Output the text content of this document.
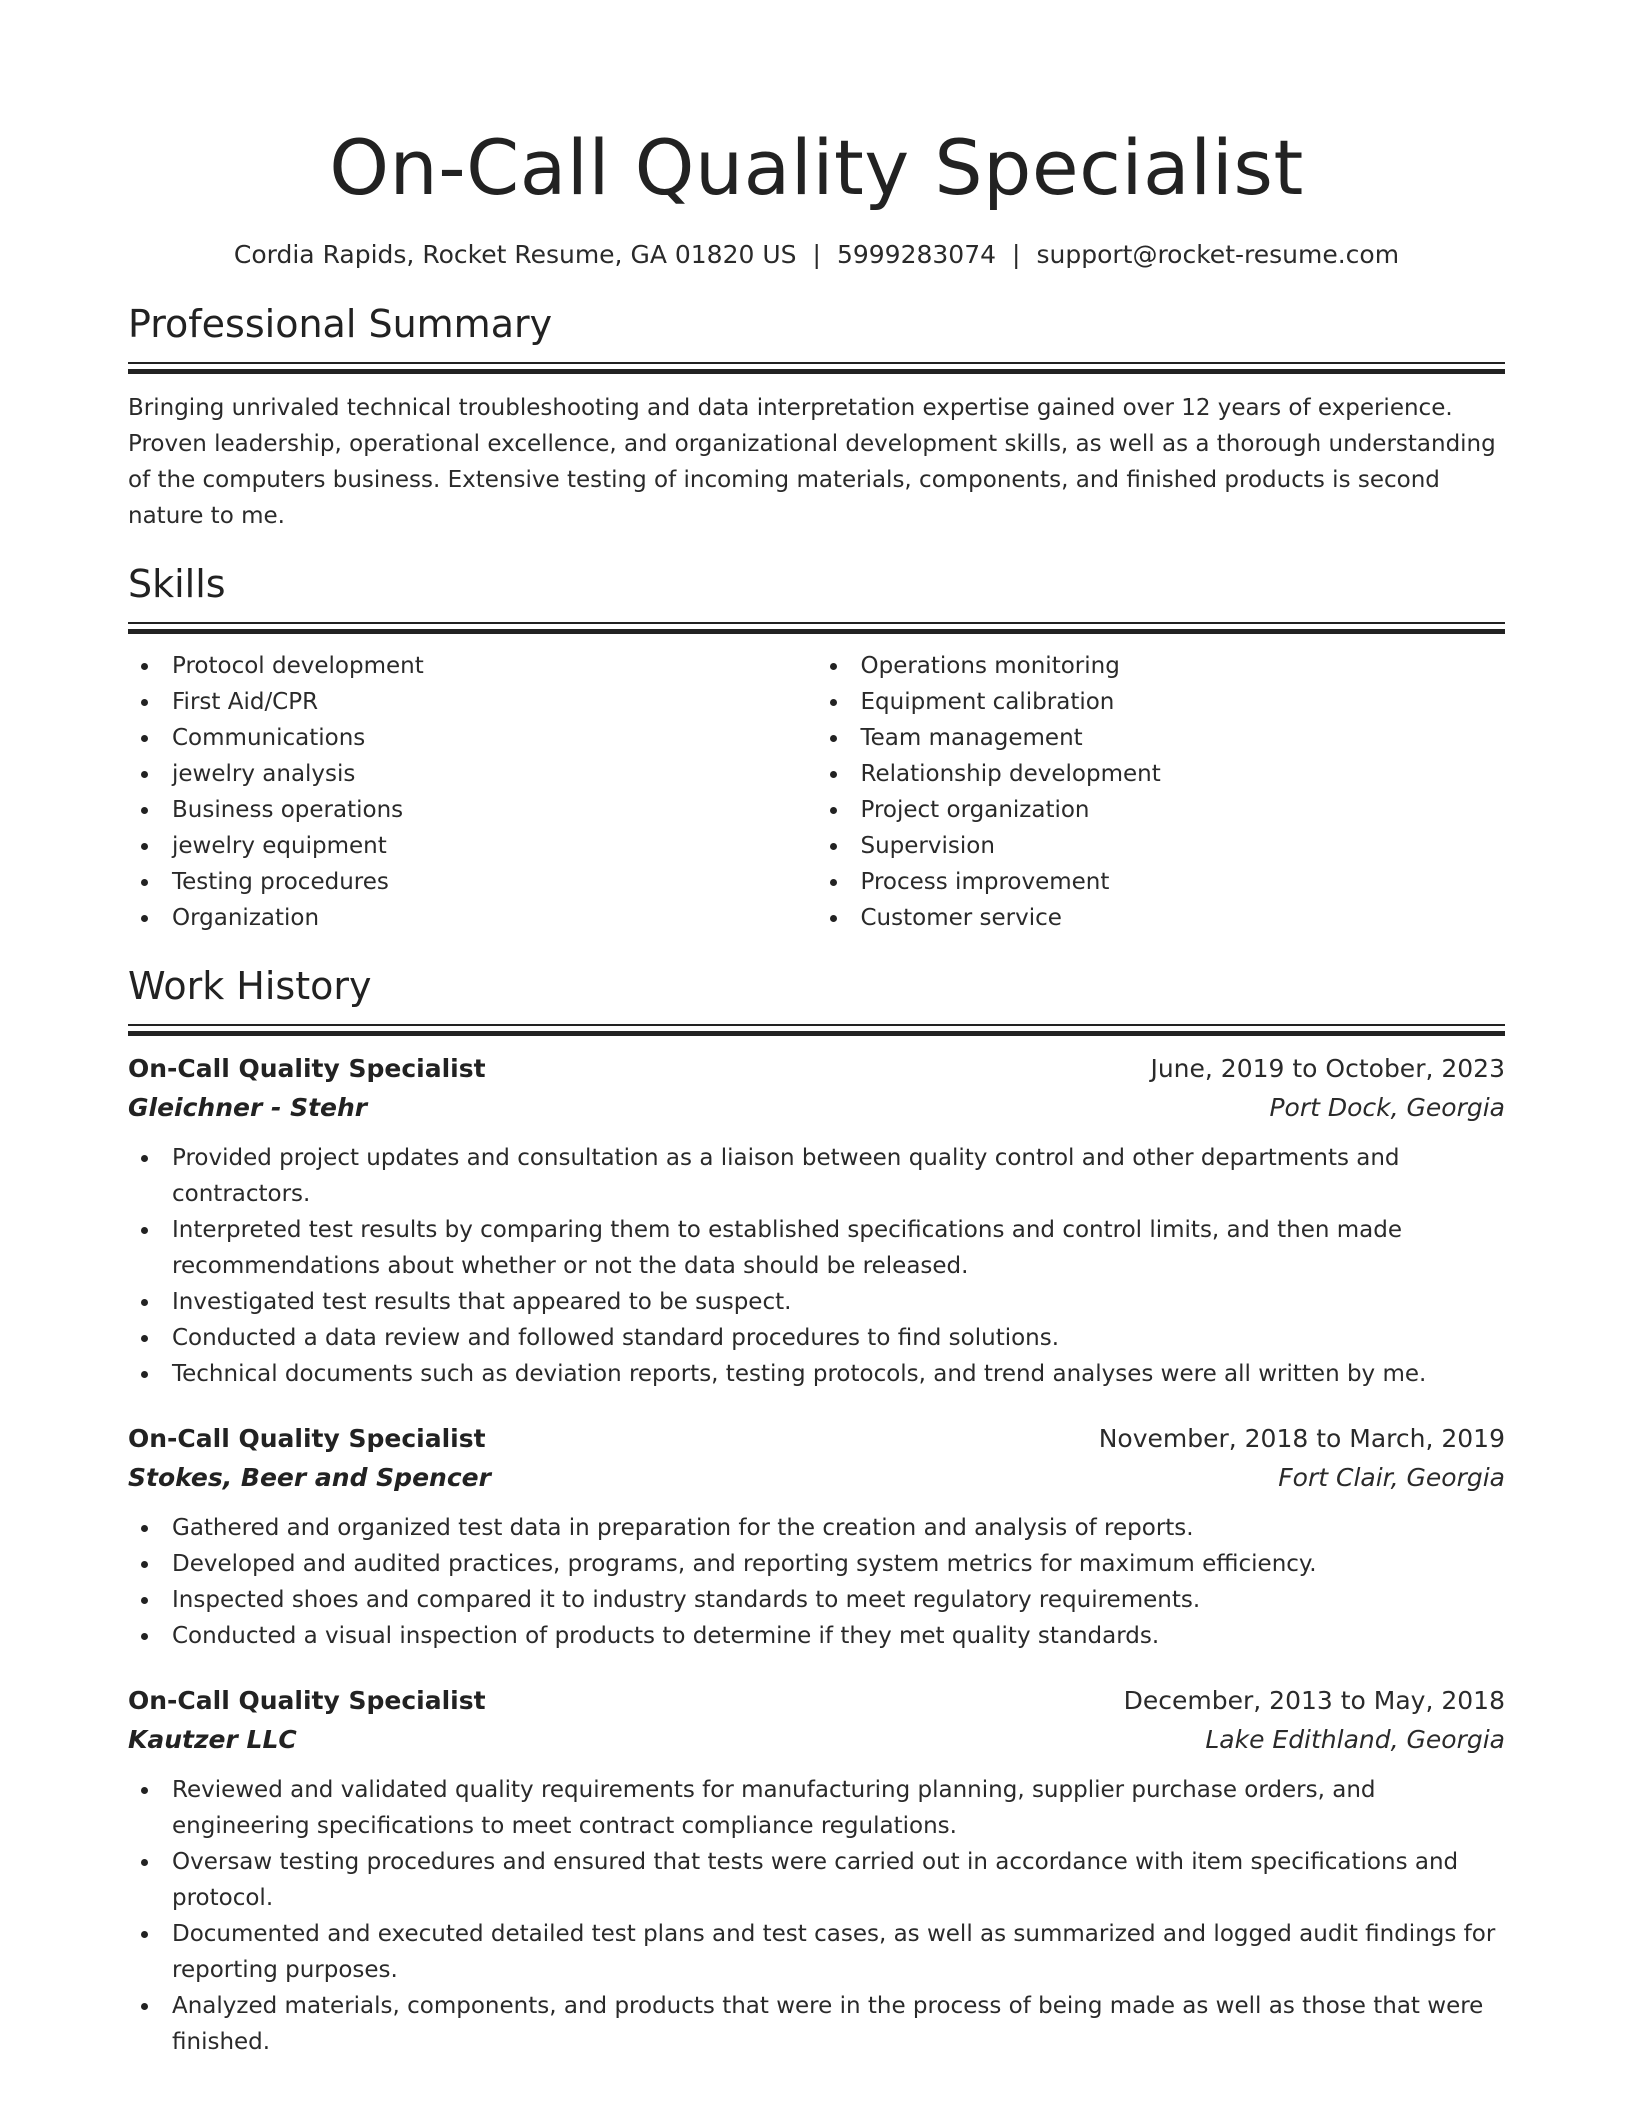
On-Call Quality Specialist
Cordia Rapids, Rocket Resume, GA 01820 US | 5999283074 | support@rocket-resume.com
Professional Summary

Bringing unrivaled technical troubleshooting and data interpretation expertise gained over 12 years of experience. Proven leadership, operational excellence, and organizational development skills, as well as a thorough understanding of the computers business. Extensive testing of incoming materials, components, and finished products is second nature to me.

Skills
Protocol development
First Aid/CPR
Communications
jewelry analysis
Business operations
jewelry equipment
Testing procedures
Organization
Operations monitoring
Equipment calibration
Team management
Relationship development
Project organization
Supervision
Process improvement
Customer service
Work History
On-Call Quality Specialist	June, 2019 to October, 2023
Gleichner - Stehr	Port Dock, Georgia
Provided project updates and consultation as a liaison between quality control and other departments and contractors.
Interpreted test results by comparing them to established specifications and control limits, and then made recommendations about whether or not the data should be released.
Investigated test results that appeared to be suspect.
Conducted a data review and followed standard procedures to find solutions.
Technical documents such as deviation reports, testing protocols, and trend analyses were all written by me.
On-Call Quality Specialist	November, 2018 to March, 2019
Stokes, Beer and Spencer	Fort Clair, Georgia
Gathered and organized test data in preparation for the creation and analysis of reports.
Developed and audited practices, programs, and reporting system metrics for maximum efficiency.
Inspected shoes and compared it to industry standards to meet regulatory requirements.
Conducted a visual inspection of products to determine if they met quality standards.
On-Call Quality Specialist	December, 2013 to May, 2018
Kautzer LLC	Lake Edithland, Georgia
Reviewed and validated quality requirements for manufacturing planning, supplier purchase orders, and engineering specifications to meet contract compliance regulations.
Oversaw testing procedures and ensured that tests were carried out in accordance with item specifications and protocol.
Documented and executed detailed test plans and test cases, as well as summarized and logged audit findings for reporting purposes.
Analyzed materials, components, and products that were in the process of being made as well as those that were finished.
